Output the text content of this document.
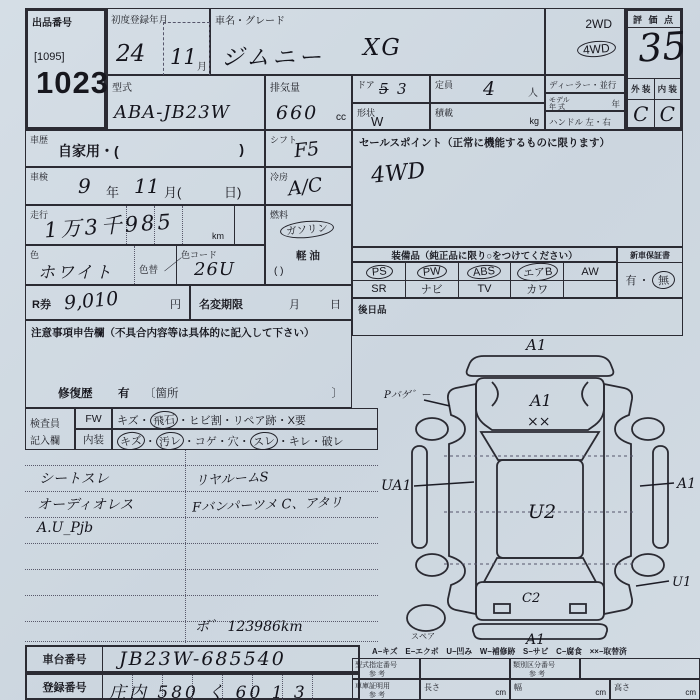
出品番号
[1095]
1023
初度登録年月
24 11 月
車名・グレード
ジムニー XG
2WD
4WD
評 価 点
35
外 装 内 装
C C
型式
ABA-JB23W
排気量
660 cc
ドア 5 3	定員 4	人
形状
W
積載
kg
ディーラー・並行
モデル
年 式	年
ハンドル 左・右
車歴
自家用・(	)
シフト
F5
車検 9 年 11 月(	日)
冷房
A/C
走行
1万3千985	km
燃料
ガソリン
軽 油
( )
色
ホワイト	色替 ／
色コード
26U
R券 9,010	円 名変期限	月	日
注意事項申告欄（不具合内容等は具体的に記入して下さい）
修復歴 有 〔箇所	〕
検査員
記入欄
FW
内装
キズ・ 飛石 ・ヒビ割・リペア跡・X要
キズ ・ 汚レ ・コゲ・穴・ スレ ・キレ・破レ
シートスレ
オーディオレス
A.U_Pjb
リヤルームS
Fバンパーツメ C、アタリ
ボ゛ 123986km
車台番号	JB23W-685540
登録番号	庄内 580 く 60 1 3
セールスポイント（正常に機能するものに限ります）
4WD
装備品（純正品に限り○をつけてください）
PS	PW	ABS	エアB	AW
SR	ナビ	TV	カワ
新車保証書
有 ・ 無
後日品
A1
A1
××
U2
C2
A1
UA1	A1
U1
Pバゲ゛ー
スペア
A−キズ　E−エクボ　U−凹み　W−補修跡　S−サビ　C−腐食　××−取替済
型式指定番号
参 考
類別区分番号
参 考
車庫証明用
参 考
長さ
cm
幅
cm
高さ
cm
